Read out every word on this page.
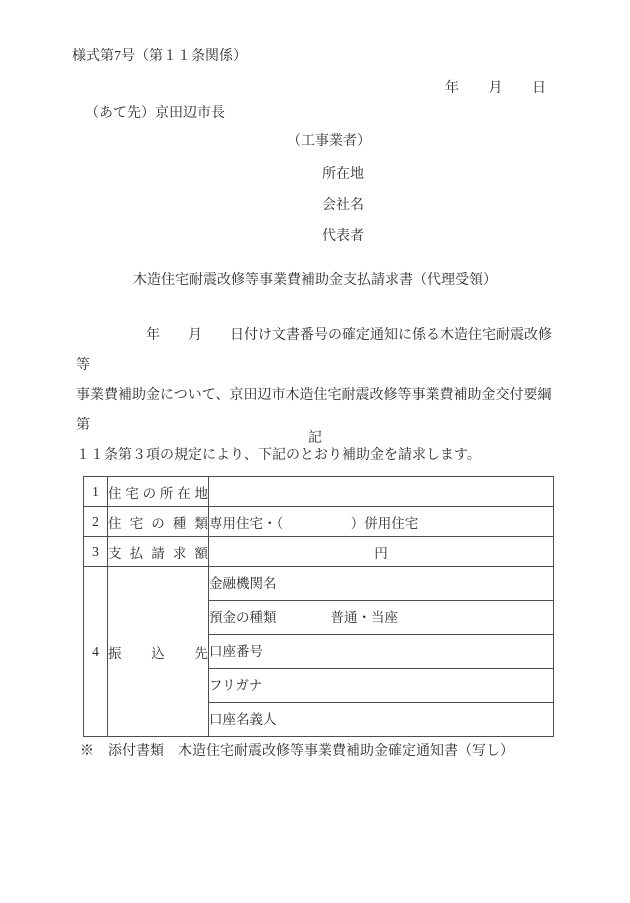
様式第7号（第１１条関係）
年　　月　　日
（あて先）京田辺市長
（工事業者）
所在地
会社名
代表者
木造住宅耐震改修等事業費補助金支払請求書（代理受領）
　　　　　年　　月　　日付け文書番号の確定通知に係る木造住宅耐震改修等
事業費補助金について、京田辺市木造住宅耐震改修等事業費補助金交付要綱第
１１条第３項の規定により、下記のとおり補助金を請求します。
記
1	住 宅 の 所 在 地

2	住 宅 の 種 類	専用住宅・（　　　　　）併用住宅
3	支 払 請 求 額	円
4	振 込 先	金融機関名
		預金の種類　　　　普通・当座
		口座番号
		フリガナ
		口座名義人
※　添付書類　木造住宅耐震改修等事業費補助金確定通知書（写し）
